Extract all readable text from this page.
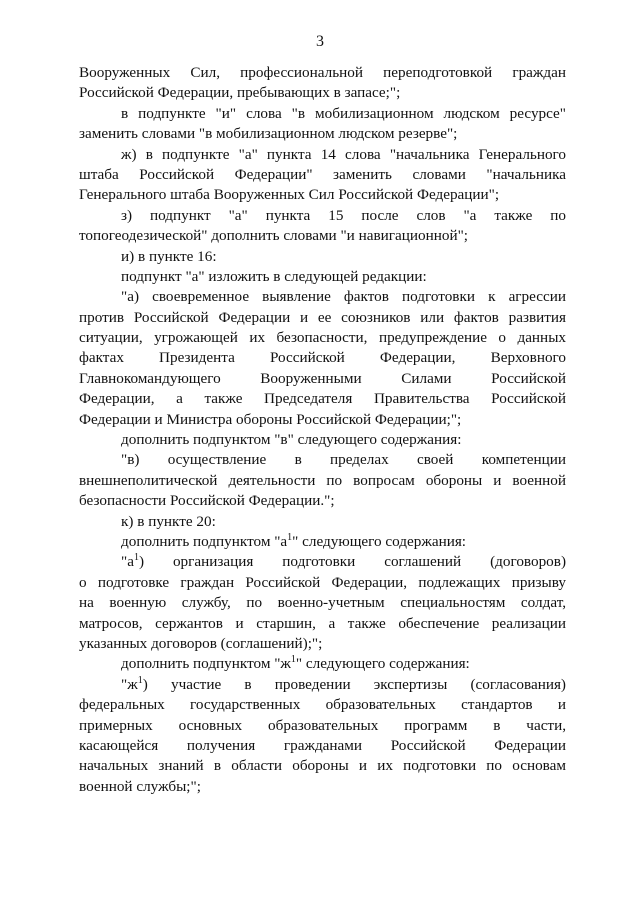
3
Вооруженных Сил, профессиональной переподготовкой граждан
Российской Федерации, пребывающих в запасе;";
в подпункте "и" слова "в мобилизационном людском ресурсе"
заменить словами "в мобилизационном людском резерве";
ж) в подпункте "а" пункта 14 слова "начальника Генерального
штаба Российской Федерации" заменить словами "начальника
Генерального штаба Вооруженных Сил Российской Федерации";
з) подпункт "а" пункта 15 после слов "а также по
топогеодезической" дополнить словами "и навигационной";
и) в пункте 16:
подпункт "а" изложить в следующей редакции:
"а) своевременное выявление фактов подготовки к агрессии
против Российской Федерации и ее союзников или фактов развития
ситуации, угрожающей их безопасности, предупреждение о данных
фактах Президента Российской Федерации, Верховного
Главнокомандующего Вооруженными Силами Российской
Федерации, а также Председателя Правительства Российской
Федерации и Министра обороны Российской Федерации;";
дополнить подпунктом "в" следующего содержания:
"в) осуществление в пределах своей компетенции
внешнеполитической деятельности по вопросам обороны и военной
безопасности Российской Федерации.";
к) в пункте 20:
дополнить подпунктом "$а^1$" следующего содержания:
"$а^1$) организация подготовки соглашений (договоров)
о подготовке граждан Российской Федерации, подлежащих призыву
на военную службу, по военно-учетным специальностям солдат,
матросов, сержантов и старшин, а также обеспечение реализации
указанных договоров (соглашений);";
дополнить подпунктом "$ж^1$" следующего содержания:
"$ж^1$) участие в проведении экспертизы (согласования)
федеральных государственных образовательных стандартов и
примерных основных образовательных программ в части,
касающейся получения гражданами Российской Федерации
начальных знаний в области обороны и их подготовки по основам
военной службы;";
